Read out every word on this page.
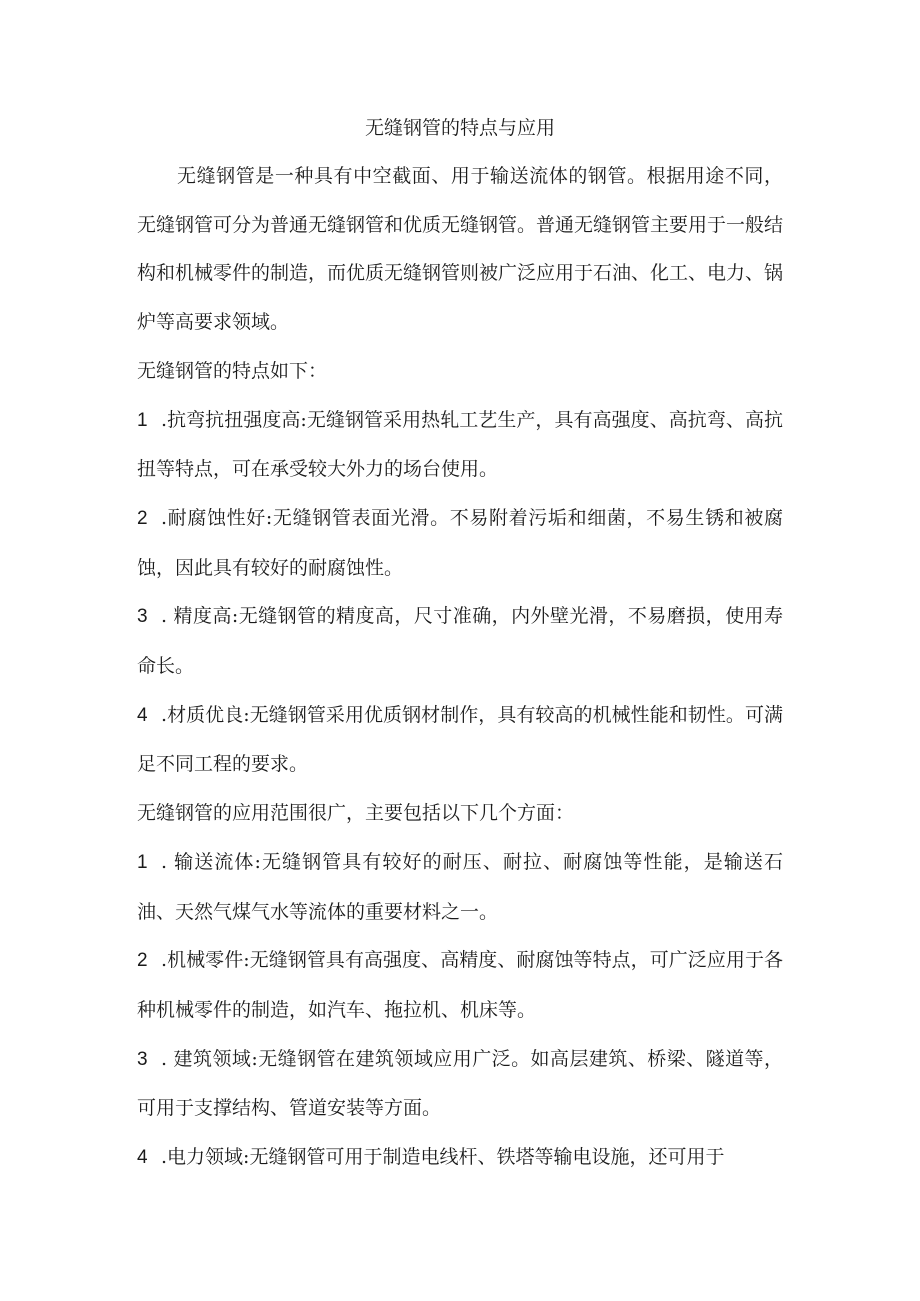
无缝钢管的特点与应用

无缝钢管是一种具有中空截面、用于输送流体的钢管。根据用途不同，无缝钢管可分为普通无缝钢管和优质无缝钢管。普通无缝钢管主要用于一般结构和机械零件的制造，而优质无缝钢管则被广泛应用于石油、化工、电力、锅炉等高要求领域。

无缝钢管的特点如下：

1 .抗弯抗扭强度高:无缝钢管采用热轧工艺生产，具有高强度、高抗弯、高抗扭等特点，可在承受较大外力的场台使用。

2 .耐腐蚀性好:无缝钢管表面光滑。不易附着污垢和细菌，不易生锈和被腐蚀，因此具有较好的耐腐蚀性。

3 . 精度高:无缝钢管的精度高，尺寸准确，内外壁光滑，不易磨损，使用寿命长。

4 .材质优良:无缝钢管采用优质钢材制作，具有较高的机械性能和韧性。可满足不同工程的要求。

无缝钢管的应用范围很广，主要包括以下几个方面：

1 . 输送流体:无缝钢管具有较好的耐压、耐拉、耐腐蚀等性能，是输送石油、天然气煤气水等流体的重要材料之一。

2 .机械零件:无缝钢管具有高强度、高精度、耐腐蚀等特点，可广泛应用于各种机械零件的制造，如汽车、拖拉机、机床等。

3 . 建筑领域:无缝钢管在建筑领域应用广泛。如高层建筑、桥梁、隧道等，可用于支撑结构、管道安装等方面。

4 .电力领域:无缝钢管可用于制造电线杆、铁塔等输电设施，还可用于
